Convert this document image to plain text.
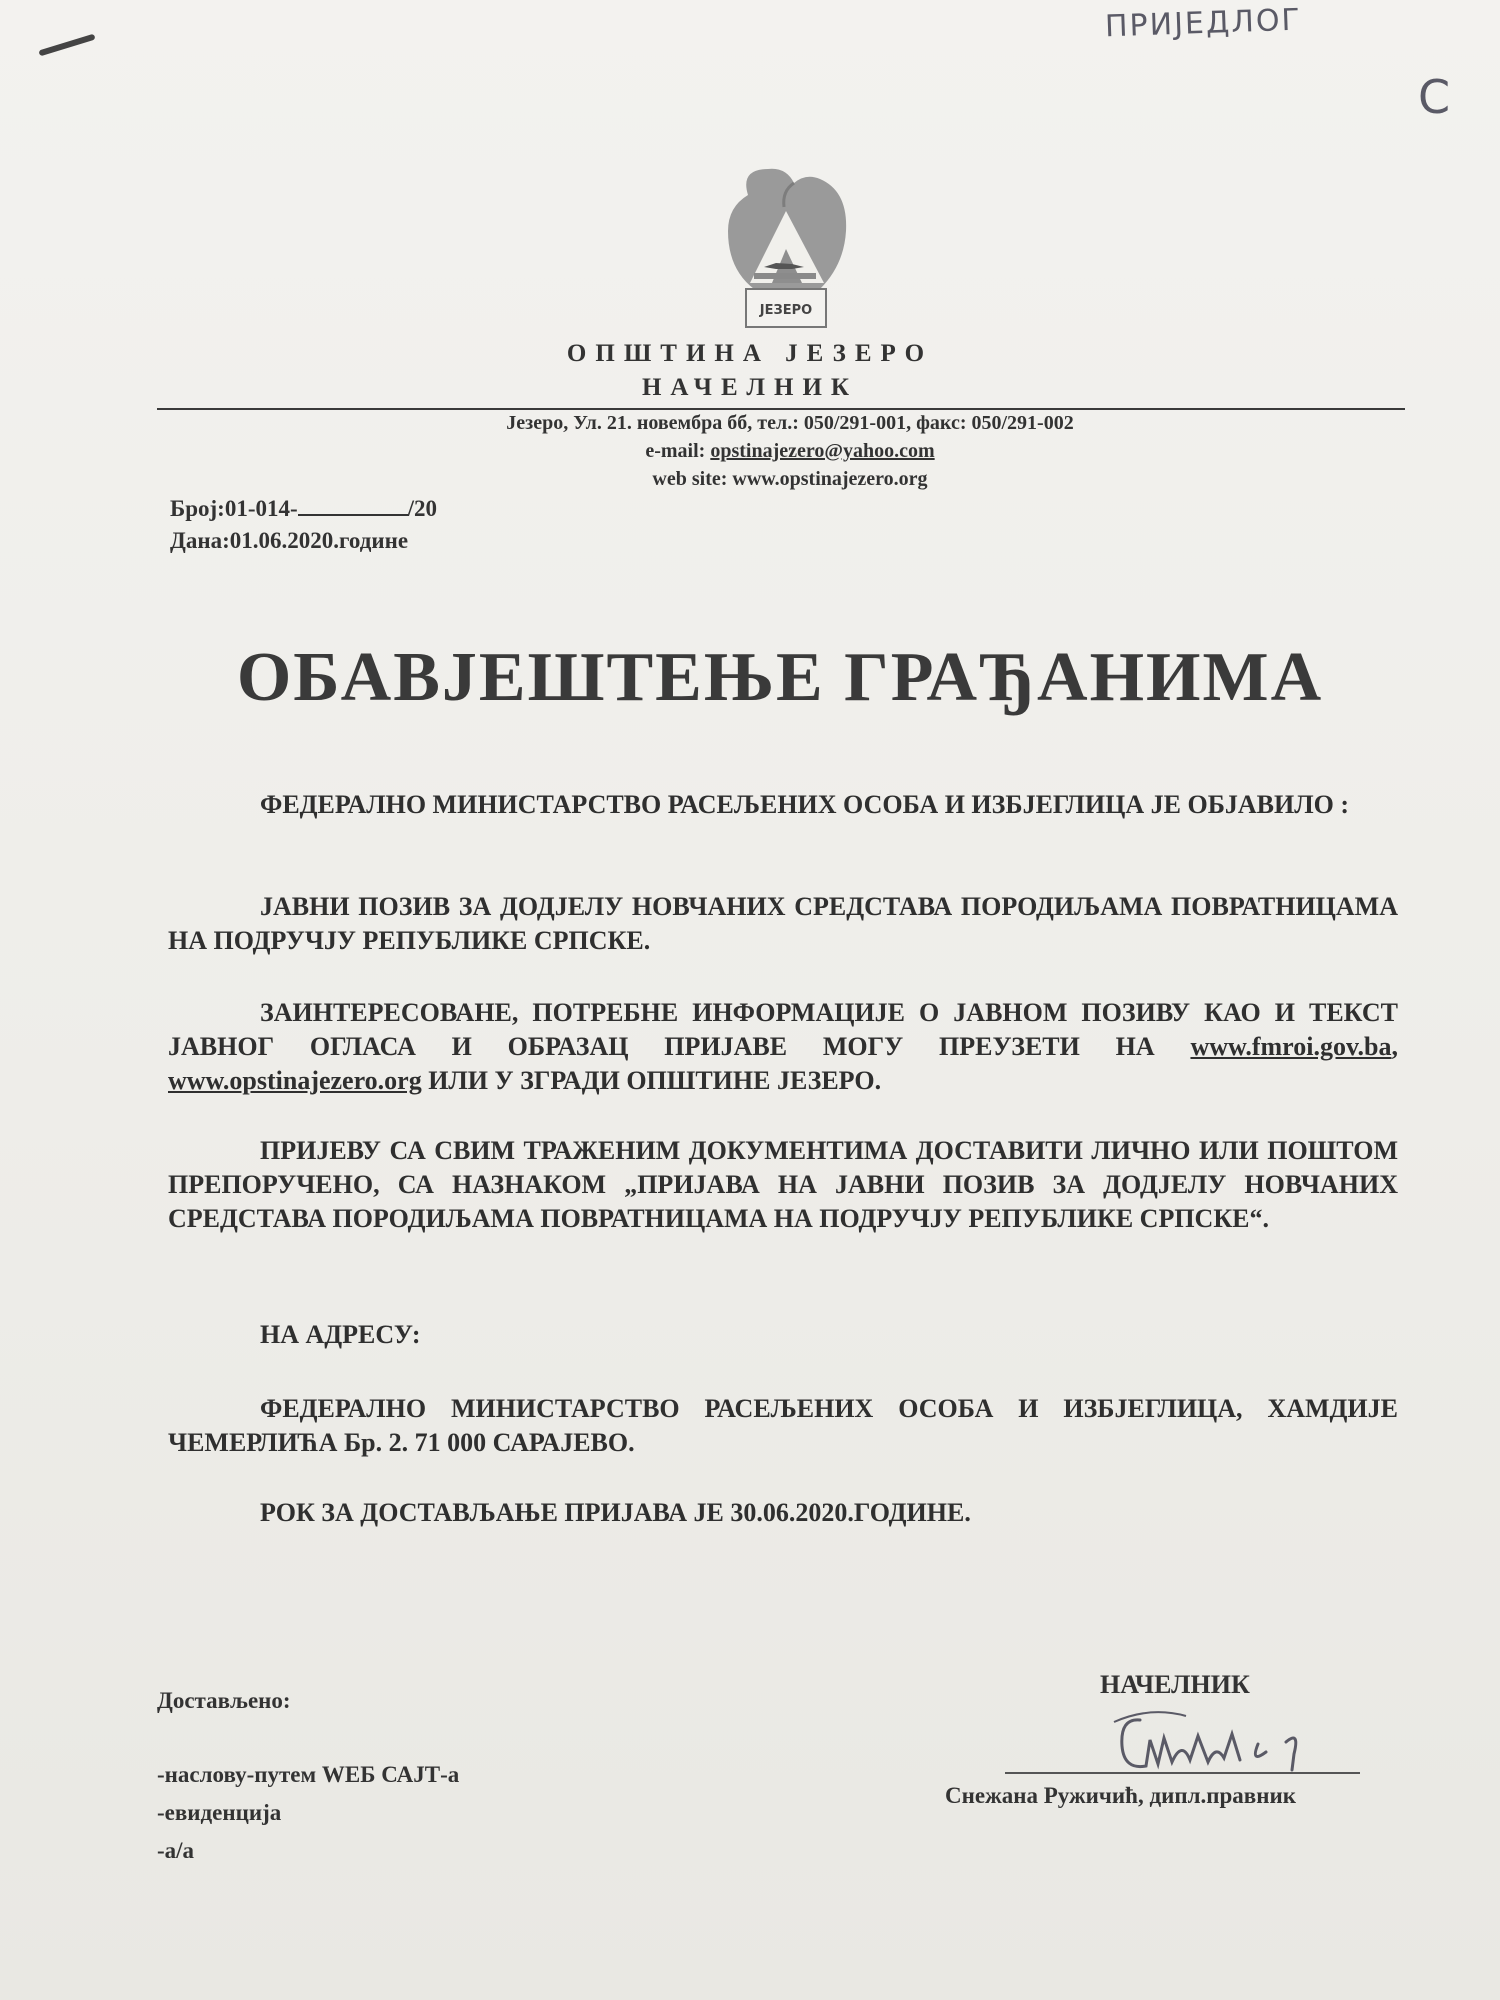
ПРИЈЕДЛОГ
С
ЈЕЗЕРО
ОПШТИНА ЈЕЗЕРО
НАЧЕЛНИК
Језеро, Ул. 21. новембра бб, тел.: 050/291-001, факс: 050/291-002
e-mail: opstinajezero@yahoo.com
web site: www.opstinajezero.org
Број:01-014-	/20
Дана:01.06.2020.године
ОБАВЈЕШТЕЊЕ ГРАЂАНИМА
ФЕДЕРАЛНО МИНИСТАРСТВО РАСЕЉЕНИХ ОСОБА И ИЗБЈЕГЛИЦА ЈЕ ОБЈАВИЛО :
ЈАВНИ ПОЗИВ ЗА ДОДЈЕЛУ НОВЧАНИХ СРЕДСТАВА ПОРОДИЉАМА ПОВРАТНИЦАМА НА ПОДРУЧЈУ РЕПУБЛИКЕ СРПСКЕ.
ЗАИНТЕРЕСОВАНЕ, ПОТРЕБНЕ ИНФОРМАЦИЈЕ О ЈАВНОМ ПОЗИВУ КАО И ТЕКСТ ЈАВНОГ ОГЛАСА И ОБРАЗАЦ ПРИЈАВЕ МОГУ ПРЕУЗЕТИ НА www.fmroi.gov.ba, www.opstinajezero.org ИЛИ У ЗГРАДИ ОПШТИНЕ ЈЕЗЕРО.
ПРИЈЕВУ СА СВИМ ТРАЖЕНИМ ДОКУМЕНТИМА ДОСТАВИТИ ЛИЧНО ИЛИ ПОШТОМ ПРЕПОРУЧЕНО, СА НАЗНАКОМ „ПРИЈАВА НА ЈАВНИ ПОЗИВ ЗА ДОДЈЕЛУ НОВЧАНИХ СРЕДСТАВА ПОРОДИЉАМА ПОВРАТНИЦАМА НА ПОДРУЧЈУ РЕПУБЛИКЕ СРПСКЕ“.
НА АДРЕСУ:
ФЕДЕРАЛНО МИНИСТАРСТВО РАСЕЉЕНИХ ОСОБА И ИЗБЈЕГЛИЦА, ХАМДИЈЕ ЧЕМЕРЛИЋА Бр. 2. 71 000 САРАЈЕВО.
РОК ЗА ДОСТАВЉАЊЕ ПРИЈАВА ЈЕ 30.06.2020.ГОДИНЕ.
Достављено:
-наслову-путем WEБ САЈТ-а
-евиденција
-а/а
НАЧЕЛНИК
Снежана Ружичић, дипл.правник
